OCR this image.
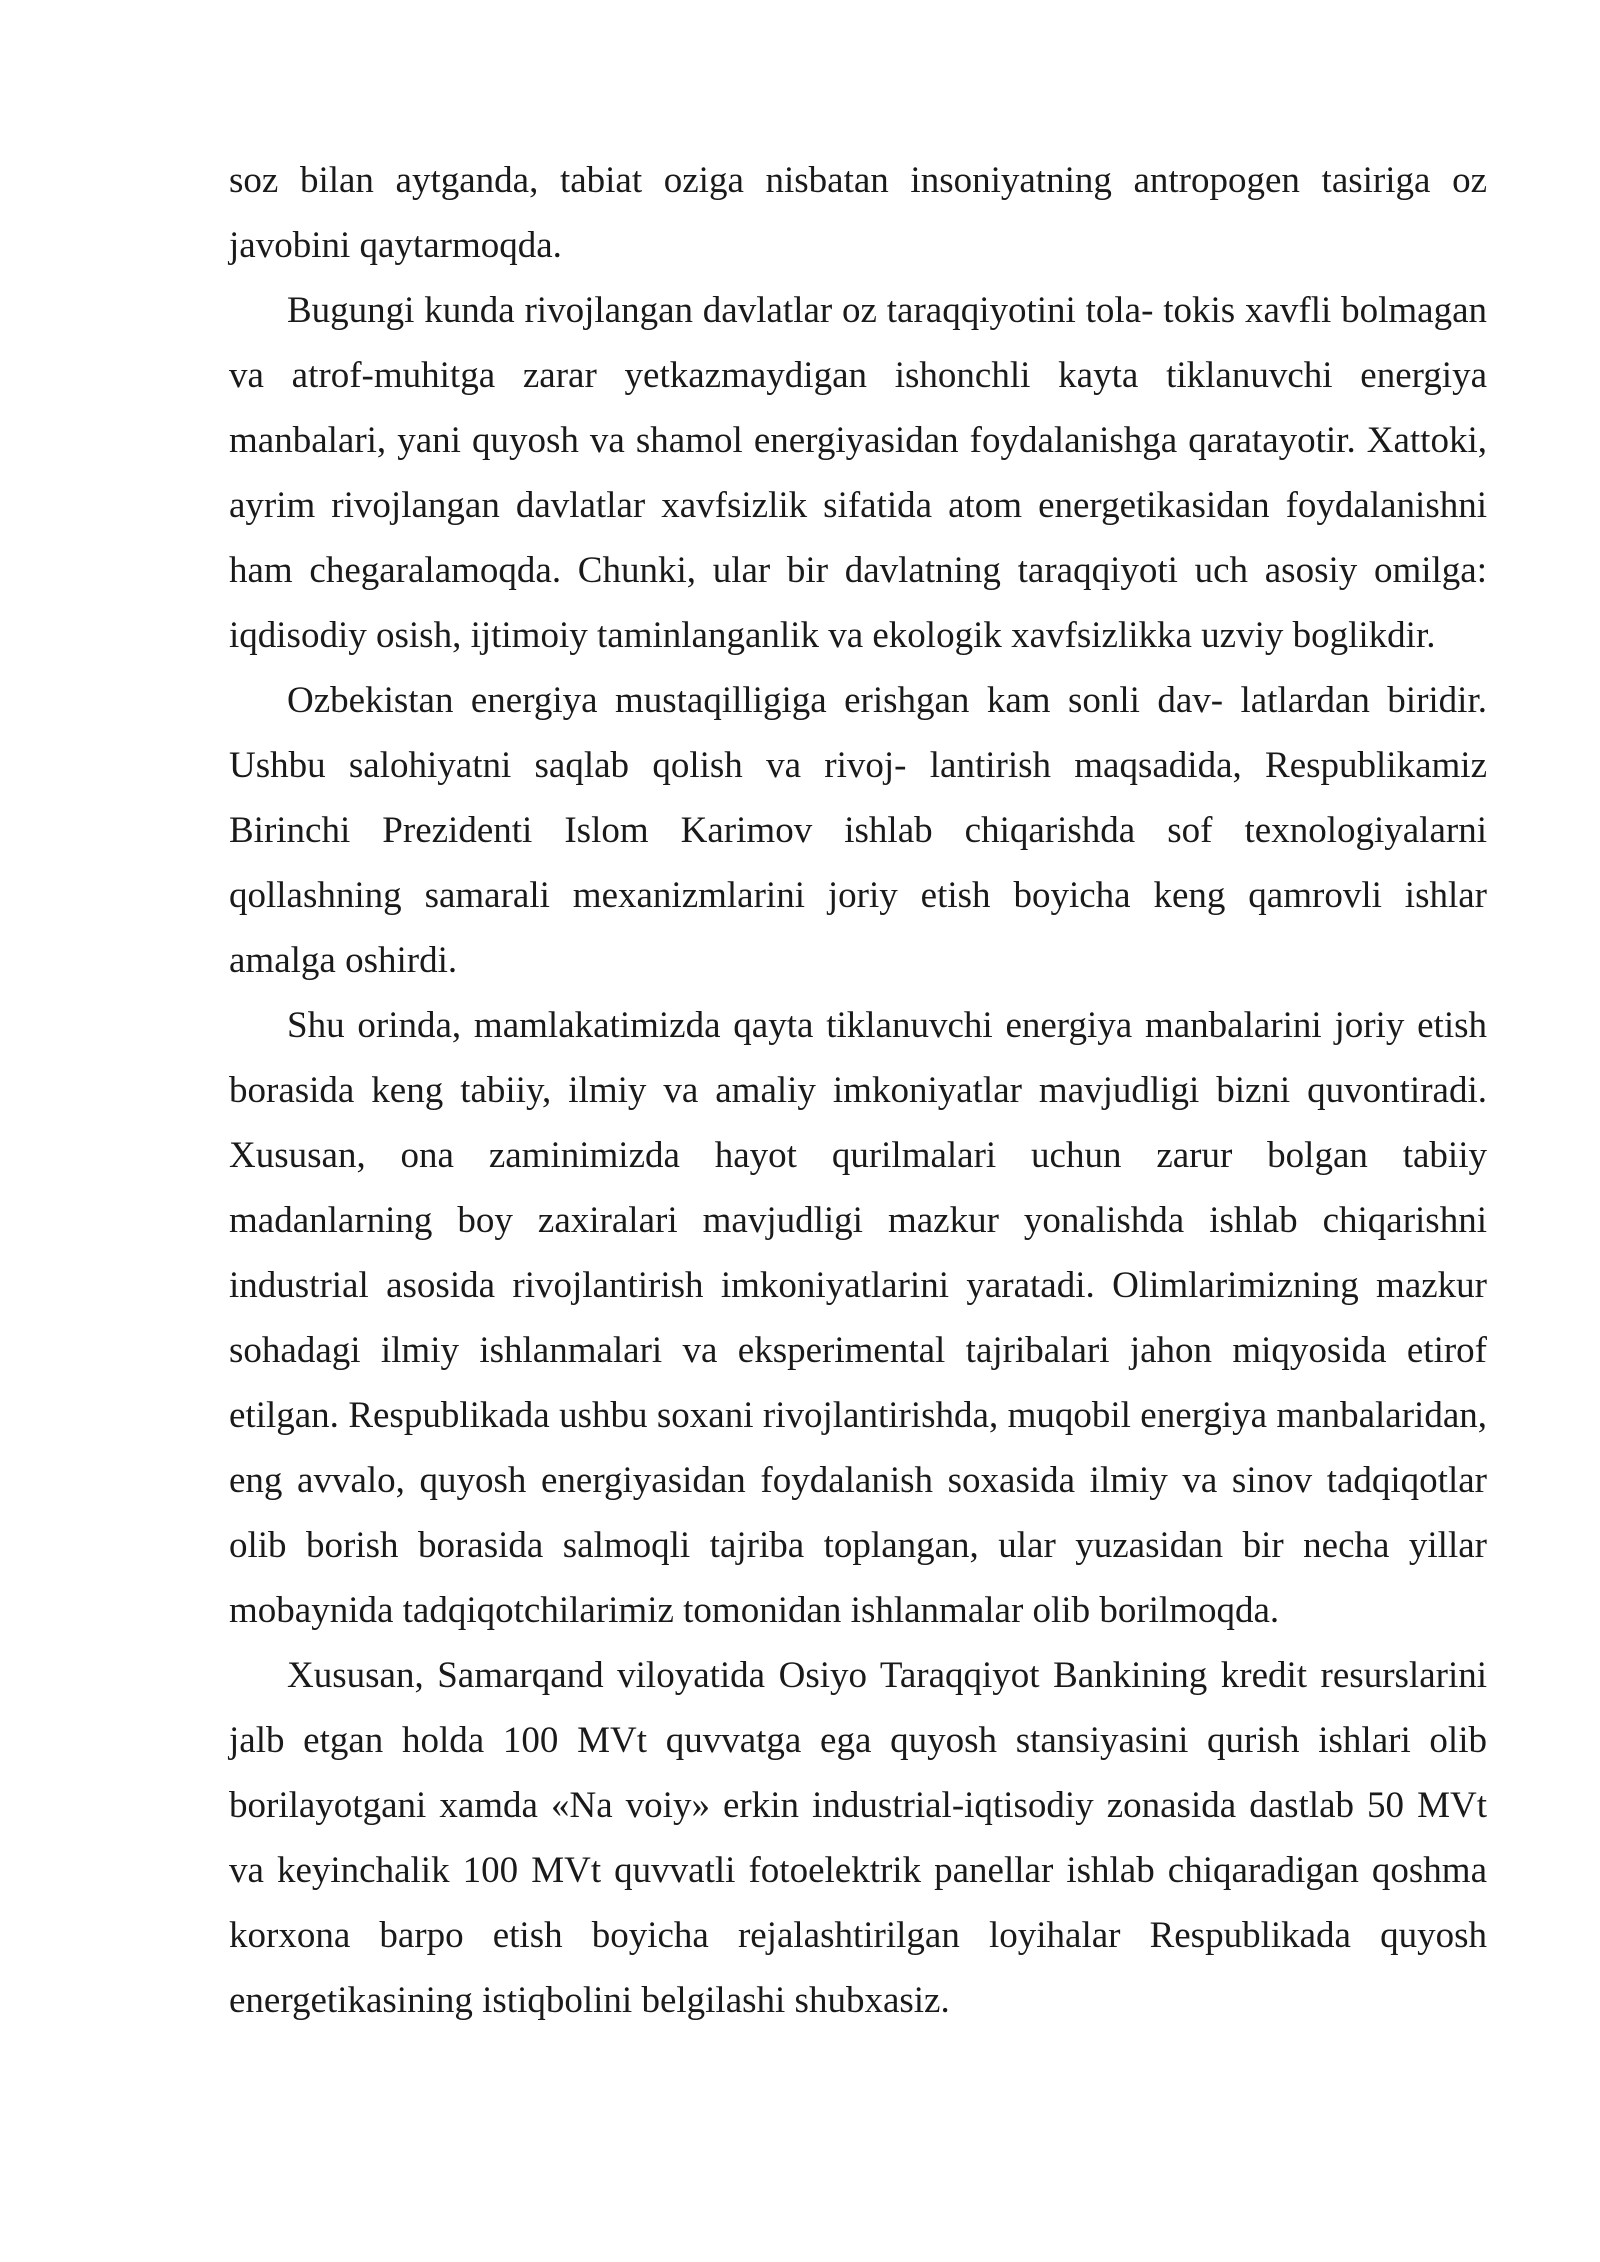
soz bilan aytganda, tabiat oziga nisbatan insoniyatning antropogen tasiriga oz javobini qaytarmoqda.

Bugungi kunda rivojlangan davlatlar oz taraqqiyotini tola- tokis xavfli bolmagan va atrof-muhitga zarar yetkazmaydigan ishonchli kayta tiklanuvchi energiya manbalari, yani quyosh va shamol energiyasidan foydalanishga qaratayotir. Xattoki, ayrim rivojlangan davlatlar xavfsizlik sifatida atom energetikasidan foydalanishni ham chegaralamoqda. Chunki, ular bir davlatning taraqqiyoti uch asosiy omilga: iqdisodiy osish, ijtimoiy taminlanganlik va ekologik xavfsizlikka uzviy boglikdir.

Ozbekistan energiya mustaqilligiga erishgan kam sonli dav- latlardan biridir. Ushbu salohiyatni saqlab qolish va rivoj- lantirish maqsadida, Respublikamiz Birinchi Prezidenti Islom Karimov ishlab chiqarishda sof texnologiyalarni qollashning samarali mexanizmlarini joriy etish boyicha keng qamrovli ishlar amalga oshirdi.

Shu orinda, mamlakatimizda qayta tiklanuvchi energiya manbalarini joriy etish borasida keng tabiiy, ilmiy va amaliy imkoniyatlar mavjudligi bizni quvontiradi. Xususan, ona zaminimizda hayot qurilmalari uchun zarur bolgan tabiiy madanlarning boy zaxiralari mavjudligi mazkur yonalishda ishlab chiqarishni industrial asosida rivojlantirish imkoniyatlarini yaratadi. Olimlarimizning mazkur sohadagi ilmiy ishlanmalari va eksperimental tajribalari jahon miqyosida etirof etilgan. Respublikada ushbu soxani rivojlantirishda, muqobil energiya manbalaridan, eng avvalo, quyosh energiyasidan foydalanish soxasida ilmiy va sinov tadqiqotlar olib borish borasida salmoqli tajriba toplangan, ular yuzasidan bir necha yillar mobaynida tadqiqotchilarimiz tomonidan ishlanmalar olib borilmoqda.

Xususan, Samarqand viloyatida Osiyo Taraqqiyot Bankining kredit resurslarini jalb etgan holda 100 MVt quvvatga ega quyosh stansiyasini qurish ishlari olib borilayotgani xamda «Na voiy» erkin industrial-iqtisodiy zonasida dastlab 50 MVt va keyinchalik 100 MVt quvvatli fotoelektrik panellar ishlab chiqaradigan qoshma korxona barpo etish boyicha rejalashtirilgan loyihalar Respublikada quyosh energetikasining istiqbolini belgilashi shubxasiz.
